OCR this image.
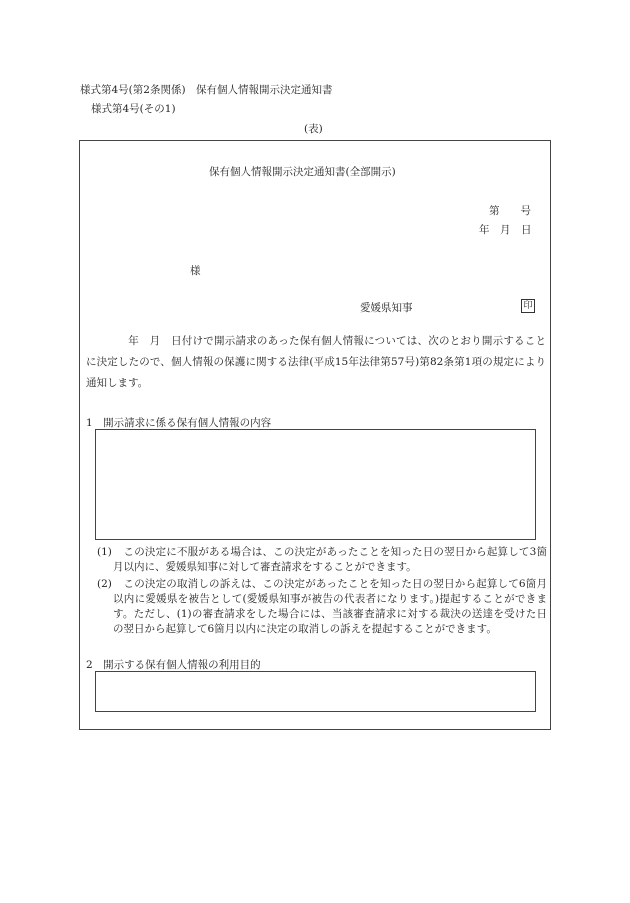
様式第4号(第2条関係)　保有個人情報開示決定通知書
様式第4号(その1)
(表)
保有個人情報開示決定通知書(全部開示)
第　　号
年　月　日
様
愛媛県知事	印
年　月　日付けで開示請求のあった保有個人情報については、次のとおり開示することに決定したので、個人情報の保護に関する法律(平成15年法律第57号)第82条第1項の規定により通知します。
1　開示請求に係る保有個人情報の内容
(1)	この決定に不服がある場合は、この決定があったことを知った日の翌日から起算して3箇月以内に、愛媛県知事に対して審査請求をすることができます。
(2)	この決定の取消しの訴えは、この決定があったことを知った日の翌日から起算して6箇月以内に愛媛県を被告として(愛媛県知事が被告の代表者になります。)提起することができます。ただし、(1)の審査請求をした場合には、当該審査請求に対する裁決の送達を受けた日の翌日から起算して6箇月以内に決定の取消しの訴えを提起することができます。
2　開示する保有個人情報の利用目的
